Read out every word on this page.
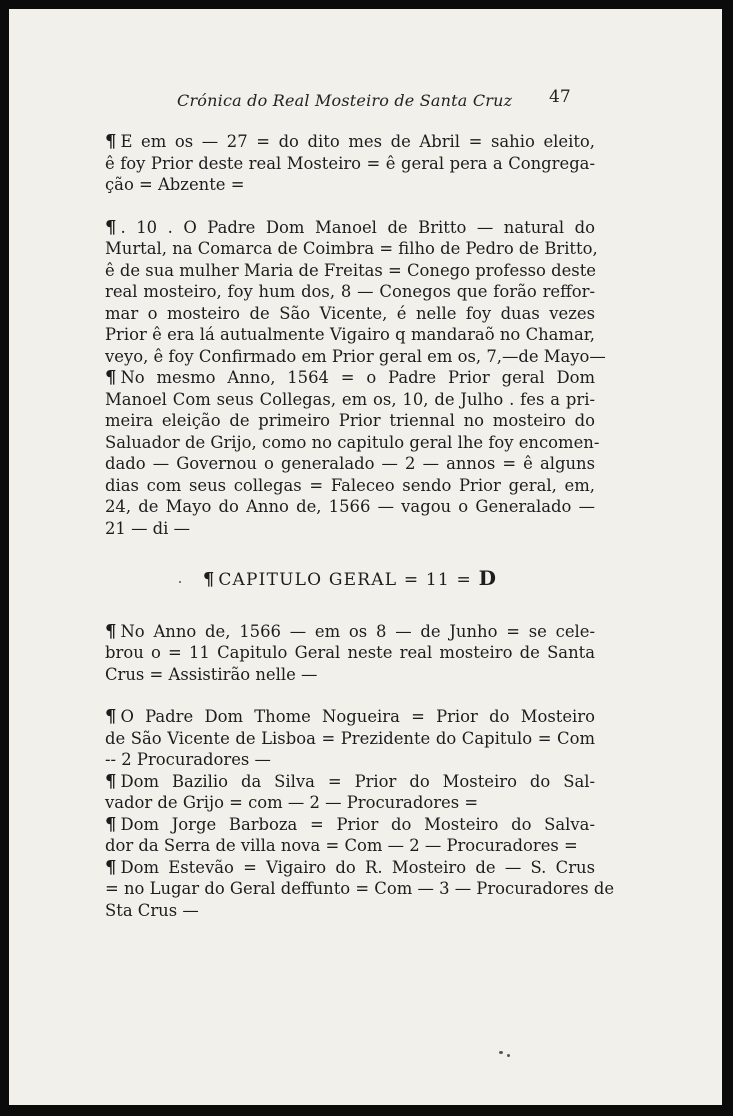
Crónica do Real Mosteiro de Santa Cruz 47
¶ E em os — 27 = do dito mes de Abril = sahio eleito,
ê foy Prior deste real Mosteiro = ê geral pera a Congrega-
ção = Abzente =
¶ . 10 . O Padre Dom Manoel de Britto — natural do
Murtal, na Comarca de Coimbra = filho de Pedro de Britto,
ê de sua mulher Maria de Freitas = Conego professo deste
real mosteiro, foy hum dos, 8 — Conegos que forão reffor-
mar o mosteiro de São Vicente, é nelle foy duas vezes
Prior ê era lá autualmente Vigairo q mandaraõ no Chamar,
veyo, ê foy Confirmado em Prior geral em os, 7,—de Mayo—
¶ No mesmo Anno, 1564 = o Padre Prior geral Dom
Manoel Com seus Collegas, em os, 10, de Julho . fes a pri-
meira eleição de primeiro Prior triennal no mosteiro do
Saluador de Grijo, como no capitulo geral lhe foy encomen-
dado — Governou o generalado — 2 — annos = ê alguns
dias com seus collegas = Faleceo sendo Prior geral, em,
24, de Mayo do Anno de, 1566 — vagou o Generalado —
21 — di —
¶ CAPITULO GERAL = 11 = D
¶ No Anno de, 1566 — em os 8 — de Junho = se cele-
brou o = 11 Capitulo Geral neste real mosteiro de Santa
Crus = Assistirão nelle —
¶ O Padre Dom Thome Nogueira = Prior do Mosteiro
de São Vicente de Lisboa = Prezidente do Capitulo = Com
-- 2 Procuradores —
¶ Dom Bazilio da Silva = Prior do Mosteiro do Sal-
vador de Grijo = com — 2 — Procuradores =
¶ Dom Jorge Barboza = Prior do Mosteiro do Salva-
dor da Serra de villa nova = Com — 2 — Procuradores =
¶ Dom Estevão = Vigairo do R. Mosteiro de — S. Crus
= no Lugar do Geral deffunto = Com — 3 — Procuradores de
Sta Crus —
